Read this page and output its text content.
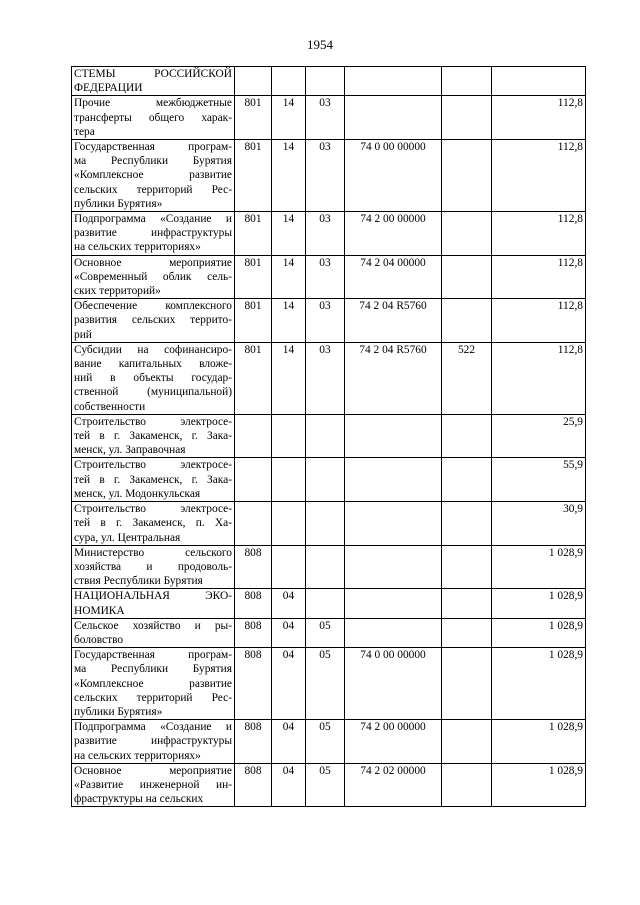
1954
СТЕМЫ РОССИЙСКОЙ
ФЕДЕРАЦИИ						

Прочие межбюджетные
трансферты общего харак-
тера	801	14	03			112,8

Государственная програм-
ма Республики Бурятия
«Комплексное развитие
сельских территорий Рес-
публики Бурятия»	801	14	03	74 0 00 00000		112,8

Подпрограмма «Создание и
развитие инфраструктуры
на сельских территориях»	801	14	03	74 2 00 00000		112,8

Основное мероприятие
«Современный облик сель-
ских территорий»	801	14	03	74 2 04 00000		112,8

Обеспечение комплексного
развития сельских террито-
рий	801	14	03	74 2 04 R5760		112,8

Субсидии на софинансиро-
вание капитальных вложе-
ний в объекты государ-
ственной (муниципальной)
собственности	801	14	03	74 2 04 R5760	522	112,8

Строительство электросе-
тей в г. Закаменск, г. Зака-
менск, ул. Заправочная						25,9

Строительство электросе-
тей в г. Закаменск, г. Зака-
менск, ул. Модонкульская						55,9

Строительство электросе-
тей в г. Закаменск, п. Ха-
сура, ул. Центральная						30,9

Министерство сельского
хозяйства и продоволь-
ствия Республики Бурятия	808					1 028,9

НАЦИОНАЛЬНАЯ ЭКО-
НОМИКА	808	04				1 028,9

Сельское хозяйство и ры-
боловство	808	04	05			1 028,9

Государственная програм-
ма Республики Бурятия
«Комплексное развитие
сельских территорий Рес-
публики Бурятия»	808	04	05	74 0 00 00000		1 028,9

Подпрограмма «Создание и
развитие инфраструктуры
на сельских территориях»	808	04	05	74 2 00 00000		1 028,9

Основное мероприятие
«Развитие инженерной ин-
фраструктуры на сельских	808	04	05	74 2 02 00000		1 028,9
